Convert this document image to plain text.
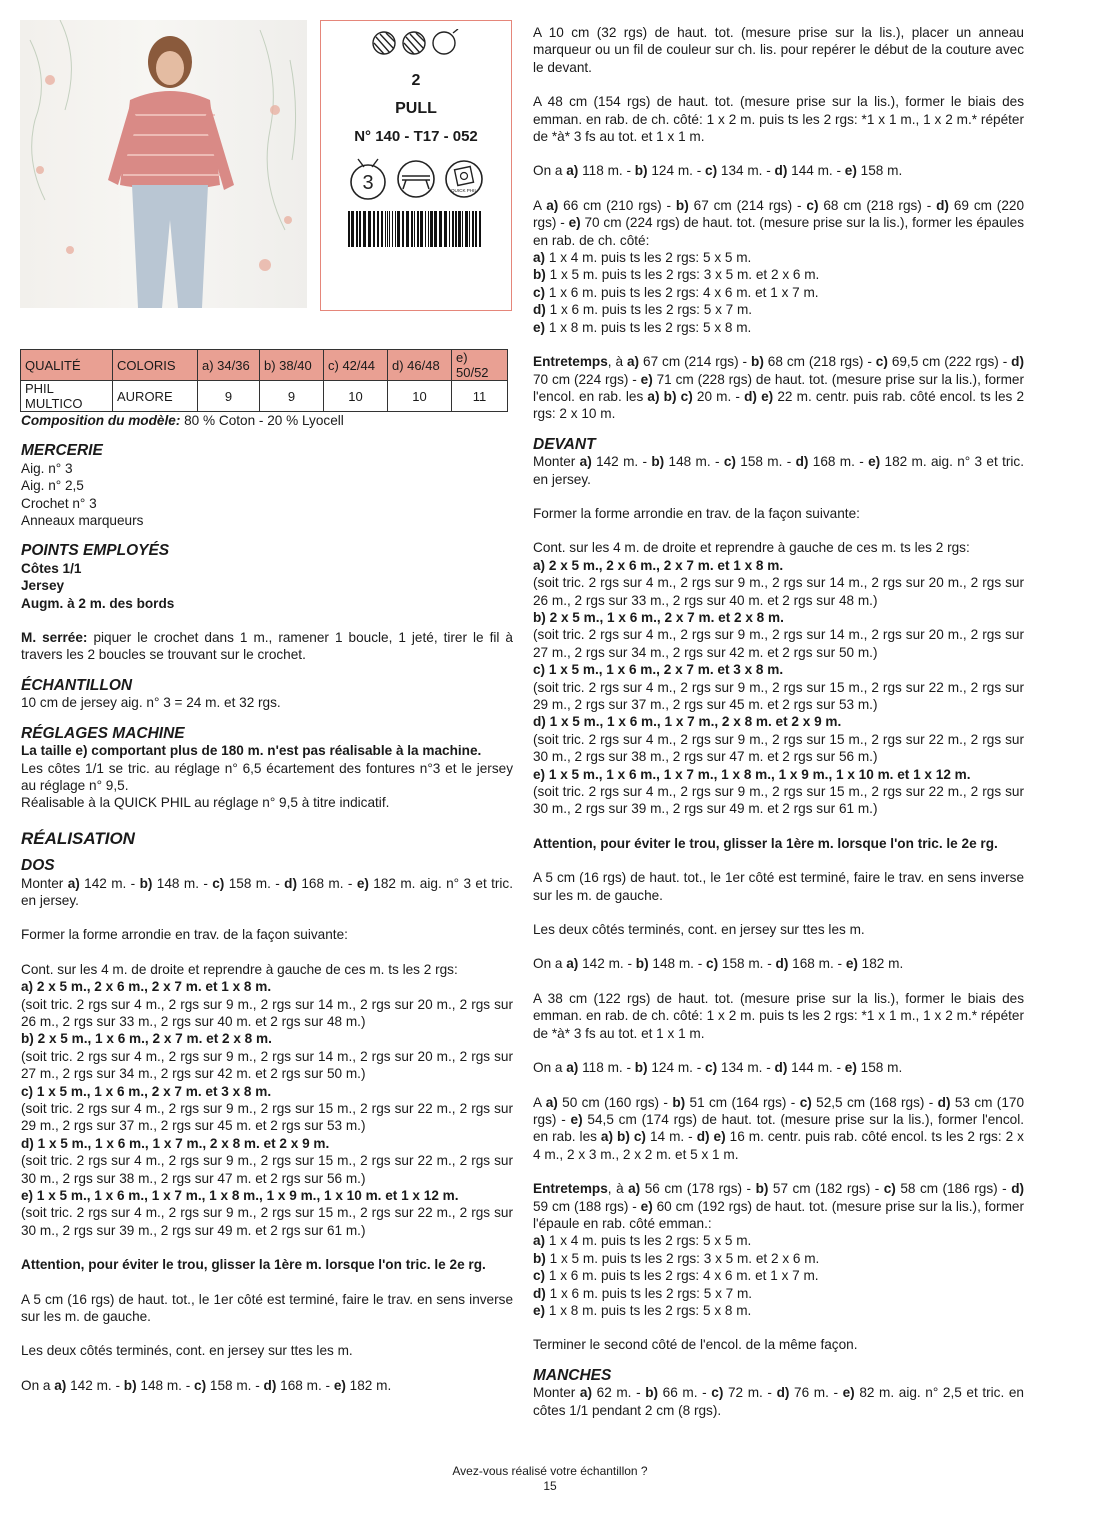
2
PULL
N° 140 - T17 - 052
3	QUICK PHIL
QUALITÉ	COLORIS	a) 34/36	b) 38/40	c) 42/44	d) 46/48	e) 50/52
PHIL MULTICO	AURORE	9	9	10	10	11
Composition du modèle: 80 % Coton - 20 % Lyocell
MERCERIE
Aig. n° 3
Aig. n° 2,5
Crochet n° 3
Anneaux marqueurs
POINTS EMPLOYÉS
Côtes 1/1
Jersey
Augm. à 2 m. des bords
M. serrée: piquer le crochet dans 1 m., ramener 1 boucle, 1 jeté, tirer le fil à travers les 2 boucles se trouvant sur le crochet.
ÉCHANTILLON
10 cm de jersey aig. n° 3 = 24 m. et 32 rgs.
RÉGLAGES MACHINE
La taille e) comportant plus de 180 m. n'est pas réalisable à la machine.
Les côtes 1/1 se tric. au réglage n° 6,5 écartement des fontures n°3 et le jersey au réglage n° 9,5.
Réalisable à la QUICK PHIL au réglage n° 9,5 à titre indicatif.
RÉALISATION
DOS
Monter a) 142 m. - b) 148 m. - c) 158 m. - d) 168 m. - e) 182 m. aig. n° 3 et tric. en jersey.
Former la forme arrondie en trav. de la façon suivante:
Cont. sur les 4 m. de droite et reprendre à gauche de ces m. ts les 2 rgs:
a) 2 x 5 m., 2 x 6 m., 2 x 7 m. et 1 x 8 m.
(soit tric. 2 rgs sur 4 m., 2 rgs sur 9 m., 2 rgs sur 14 m., 2 rgs sur 20 m., 2 rgs sur 26 m., 2 rgs sur 33 m., 2 rgs sur 40 m. et 2 rgs sur 48 m.)
b) 2 x 5 m., 1 x 6 m., 2 x 7 m. et 2 x 8 m.
(soit tric. 2 rgs sur 4 m., 2 rgs sur 9 m., 2 rgs sur 14 m., 2 rgs sur 20 m., 2 rgs sur 27 m., 2 rgs sur 34 m., 2 rgs sur 42 m. et 2 rgs sur 50 m.)
c) 1 x 5 m., 1 x 6 m., 2 x 7 m. et 3 x 8 m.
(soit tric. 2 rgs sur 4 m., 2 rgs sur 9 m., 2 rgs sur 15 m., 2 rgs sur 22 m., 2 rgs sur 29 m., 2 rgs sur 37 m., 2 rgs sur 45 m. et 2 rgs sur 53 m.)
d) 1 x 5 m., 1 x 6 m., 1 x 7 m., 2 x 8 m. et 2 x 9 m.
(soit tric. 2 rgs sur 4 m., 2 rgs sur 9 m., 2 rgs sur 15 m., 2 rgs sur 22 m., 2 rgs sur 30 m., 2 rgs sur 38 m., 2 rgs sur 47 m. et 2 rgs sur 56 m.)
e) 1 x 5 m., 1 x 6 m., 1 x 7 m., 1 x 8 m., 1 x 9 m., 1 x 10 m. et 1 x 12 m.
(soit tric. 2 rgs sur 4 m., 2 rgs sur 9 m., 2 rgs sur 15 m., 2 rgs sur 22 m., 2 rgs sur 30 m., 2 rgs sur 39 m., 2 rgs sur 49 m. et 2 rgs sur 61 m.)
Attention, pour éviter le trou, glisser la 1ère m. lorsque l'on tric. le 2e rg.
A 5 cm (16 rgs) de haut. tot., le 1er côté est terminé, faire le trav. en sens inverse sur les m. de gauche.
Les deux côtés terminés, cont. en jersey sur ttes les m.
On a a) 142 m. - b) 148 m. - c) 158 m. - d) 168 m. - e) 182 m.
A 10 cm (32 rgs) de haut. tot. (mesure prise sur la lis.), placer un anneau marqueur ou un fil de couleur sur ch. lis. pour repérer le début de la couture avec le devant.
A 48 cm (154 rgs) de haut. tot. (mesure prise sur la lis.), former le biais des emman. en rab. de ch. côté: 1 x 2 m. puis ts les 2 rgs: *1 x 1 m., 1 x 2 m.* répéter de *à* 3 fs au tot. et 1 x 1 m.
On a a) 118 m. - b) 124 m. - c) 134 m. - d) 144 m. - e) 158 m.
A a) 66 cm (210 rgs) - b) 67 cm (214 rgs) - c) 68 cm (218 rgs) - d) 69 cm (220 rgs) - e) 70 cm (224 rgs) de haut. tot. (mesure prise sur la lis.), former les épaules en rab. de ch. côté:
a) 1 x 4 m. puis ts les 2 rgs: 5 x 5 m.
b) 1 x 5 m. puis ts les 2 rgs: 3 x 5 m. et 2 x 6 m.
c) 1 x 6 m. puis ts les 2 rgs: 4 x 6 m. et 1 x 7 m.
d) 1 x 6 m. puis ts les 2 rgs: 5 x 7 m.
e) 1 x 8 m. puis ts les 2 rgs: 5 x 8 m.
Entretemps, à a) 67 cm (214 rgs) - b) 68 cm (218 rgs) - c) 69,5 cm (222 rgs) - d) 70 cm (224 rgs) - e) 71 cm (228 rgs) de haut. tot. (mesure prise sur la lis.), former l'encol. en rab. les a) b) c) 20 m. - d) e) 22 m. centr. puis rab. côté encol. ts les 2 rgs: 2 x 10 m.
DEVANT
Monter a) 142 m. - b) 148 m. - c) 158 m. - d) 168 m. - e) 182 m. aig. n° 3 et tric. en jersey.
Former la forme arrondie en trav. de la façon suivante:
Cont. sur les 4 m. de droite et reprendre à gauche de ces m. ts les 2 rgs:
a) 2 x 5 m., 2 x 6 m., 2 x 7 m. et 1 x 8 m.
(soit tric. 2 rgs sur 4 m., 2 rgs sur 9 m., 2 rgs sur 14 m., 2 rgs sur 20 m., 2 rgs sur 26 m., 2 rgs sur 33 m., 2 rgs sur 40 m. et 2 rgs sur 48 m.)
b) 2 x 5 m., 1 x 6 m., 2 x 7 m. et 2 x 8 m.
(soit tric. 2 rgs sur 4 m., 2 rgs sur 9 m., 2 rgs sur 14 m., 2 rgs sur 20 m., 2 rgs sur 27 m., 2 rgs sur 34 m., 2 rgs sur 42 m. et 2 rgs sur 50 m.)
c) 1 x 5 m., 1 x 6 m., 2 x 7 m. et 3 x 8 m.
(soit tric. 2 rgs sur 4 m., 2 rgs sur 9 m., 2 rgs sur 15 m., 2 rgs sur 22 m., 2 rgs sur 29 m., 2 rgs sur 37 m., 2 rgs sur 45 m. et 2 rgs sur 53 m.)
d) 1 x 5 m., 1 x 6 m., 1 x 7 m., 2 x 8 m. et 2 x 9 m.
(soit tric. 2 rgs sur 4 m., 2 rgs sur 9 m., 2 rgs sur 15 m., 2 rgs sur 22 m., 2 rgs sur 30 m., 2 rgs sur 38 m., 2 rgs sur 47 m. et 2 rgs sur 56 m.)
e) 1 x 5 m., 1 x 6 m., 1 x 7 m., 1 x 8 m., 1 x 9 m., 1 x 10 m. et 1 x 12 m.
(soit tric. 2 rgs sur 4 m., 2 rgs sur 9 m., 2 rgs sur 15 m., 2 rgs sur 22 m., 2 rgs sur 30 m., 2 rgs sur 39 m., 2 rgs sur 49 m. et 2 rgs sur 61 m.)
Attention, pour éviter le trou, glisser la 1ère m. lorsque l'on tric. le 2e rg.
A 5 cm (16 rgs) de haut. tot., le 1er côté est terminé, faire le trav. en sens inverse sur les m. de gauche.
Les deux côtés terminés, cont. en jersey sur ttes les m.
On a a) 142 m. - b) 148 m. - c) 158 m. - d) 168 m. - e) 182 m.
A 38 cm (122 rgs) de haut. tot. (mesure prise sur la lis.), former le biais des emman. en rab. de ch. côté: 1 x 2 m. puis ts les 2 rgs: *1 x 1 m., 1 x 2 m.* répéter de *à* 3 fs au tot. et 1 x 1 m.
On a a) 118 m. - b) 124 m. - c) 134 m. - d) 144 m. - e) 158 m.
A a) 50 cm (160 rgs) - b) 51 cm (164 rgs) - c) 52,5 cm (168 rgs) - d) 53 cm (170 rgs) - e) 54,5 cm (174 rgs) de haut. tot. (mesure prise sur la lis.), former l'encol. en rab. les a) b) c) 14 m. - d) e) 16 m. centr. puis rab. côté encol. ts les 2 rgs: 2 x 4 m., 2 x 3 m., 2 x 2 m. et 5 x 1 m.
Entretemps, à a) 56 cm (178 rgs) - b) 57 cm (182 rgs) - c) 58 cm (186 rgs) - d) 59 cm (188 rgs) - e) 60 cm (192 rgs) de haut. tot. (mesure prise sur la lis.), former l'épaule en rab. côté emman.:
a) 1 x 4 m. puis ts les 2 rgs: 5 x 5 m.
b) 1 x 5 m. puis ts les 2 rgs: 3 x 5 m. et 2 x 6 m.
c) 1 x 6 m. puis ts les 2 rgs: 4 x 6 m. et 1 x 7 m.
d) 1 x 6 m. puis ts les 2 rgs: 5 x 7 m.
e) 1 x 8 m. puis ts les 2 rgs: 5 x 8 m.
Terminer le second côté de l'encol. de la même façon.
MANCHES
Monter a) 62 m. - b) 66 m. - c) 72 m. - d) 76 m. - e) 82 m. aig. n° 2,5 et tric. en côtes 1/1 pendant 2 cm (8 rgs).
Avez-vous réalisé votre échantillon ?
15
